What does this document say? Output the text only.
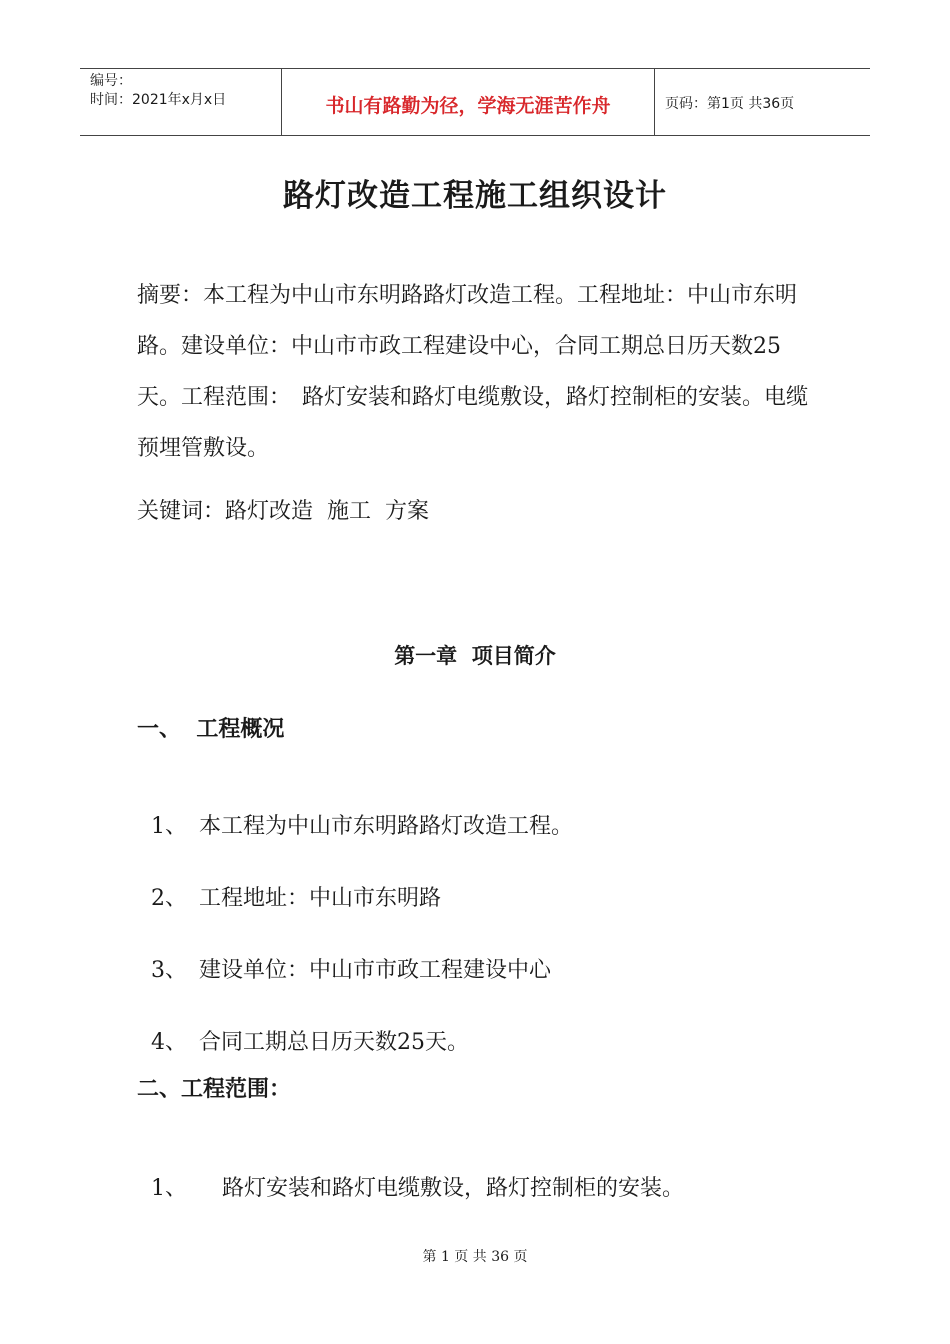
编号：
时间：2021年x月x日	书山有路勤为径，学海无涯苦作舟	页码：第1页 共36页
路灯改造工程施工组织设计

摘要：本工程为中山市东明路路灯改造工程。工程地址：中山市东明路。建设单位：中山市市政工程建设中心，合同工期总日历天数25天。工程范围：　路灯安装和路灯电缆敷设，路灯控制柜的安装。电缆预埋管敷设。

关键词：路灯改造  施工  方案
第一章  项目简介
一、  工程概况

1、 本工程为中山市东明路路灯改造工程。

2、 工程地址：中山市东明路

3、 建设单位：中山市市政工程建设中心

4、 合同工期总日历天数25天。

二、工程范围：

1、 路灯安装和路灯电缆敷设，路灯控制柜的安装。

第 1 页 共 36 页
